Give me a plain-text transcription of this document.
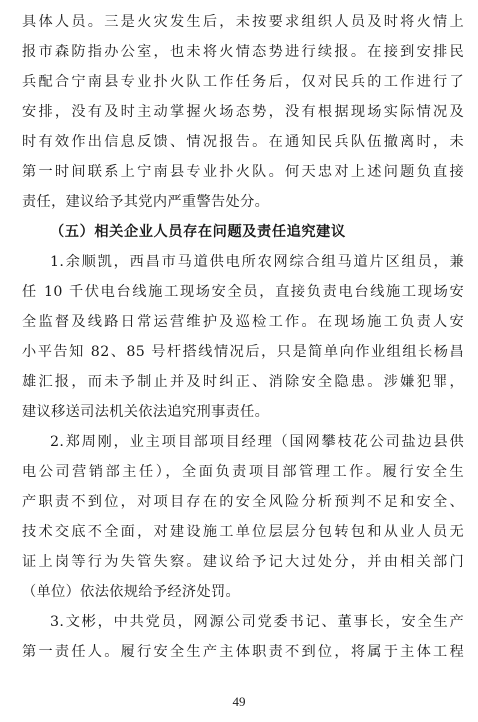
具体人员。三是火灾发生后，未按要求组织人员及时将火情上
报市森防指办公室，也未将火情态势进行续报。在接到安排民
兵配合宁南县专业扑火队工作任务后，仅对民兵的工作进行了
安排，没有及时主动掌握火场态势，没有根据现场实际情况及
时有效作出信息反馈、情况报告。在通知民兵队伍撤离时，未
第一时间联系上宁南县专业扑火队。何天忠对上述问题负直接
责任，建议给予其党内严重警告处分。
（五）相关企业人员存在问题及责任追究建议
1.余顺凯，西昌市马道供电所农网综合组马道片区组员，兼
任 10 千伏电台线施工现场安全员，直接负责电台线施工现场安
全监督及线路日常运营维护及巡检工作。在现场施工负责人安
小平告知 82、85 号杆搭线情况后，只是简单向作业组组长杨昌
雄汇报，而未予制止并及时纠正、消除安全隐患。涉嫌犯罪，
建议移送司法机关依法追究刑事责任。
2.郑周刚，业主项目部项目经理（国网攀枝花公司盐边县供
电公司营销部主任），全面负责项目部管理工作。履行安全生
产职责不到位，对项目存在的安全风险分析预判不足和安全、
技术交底不全面，对建设施工单位层层分包转包和从业人员无
证上岗等行为失管失察。建议给予记大过处分，并由相关部门
（单位）依法依规给予经济处罚。
3.文彬，中共党员，网源公司党委书记、董事长，安全生产
第一责任人。履行安全生产主体职责不到位，将属于主体工程
49
